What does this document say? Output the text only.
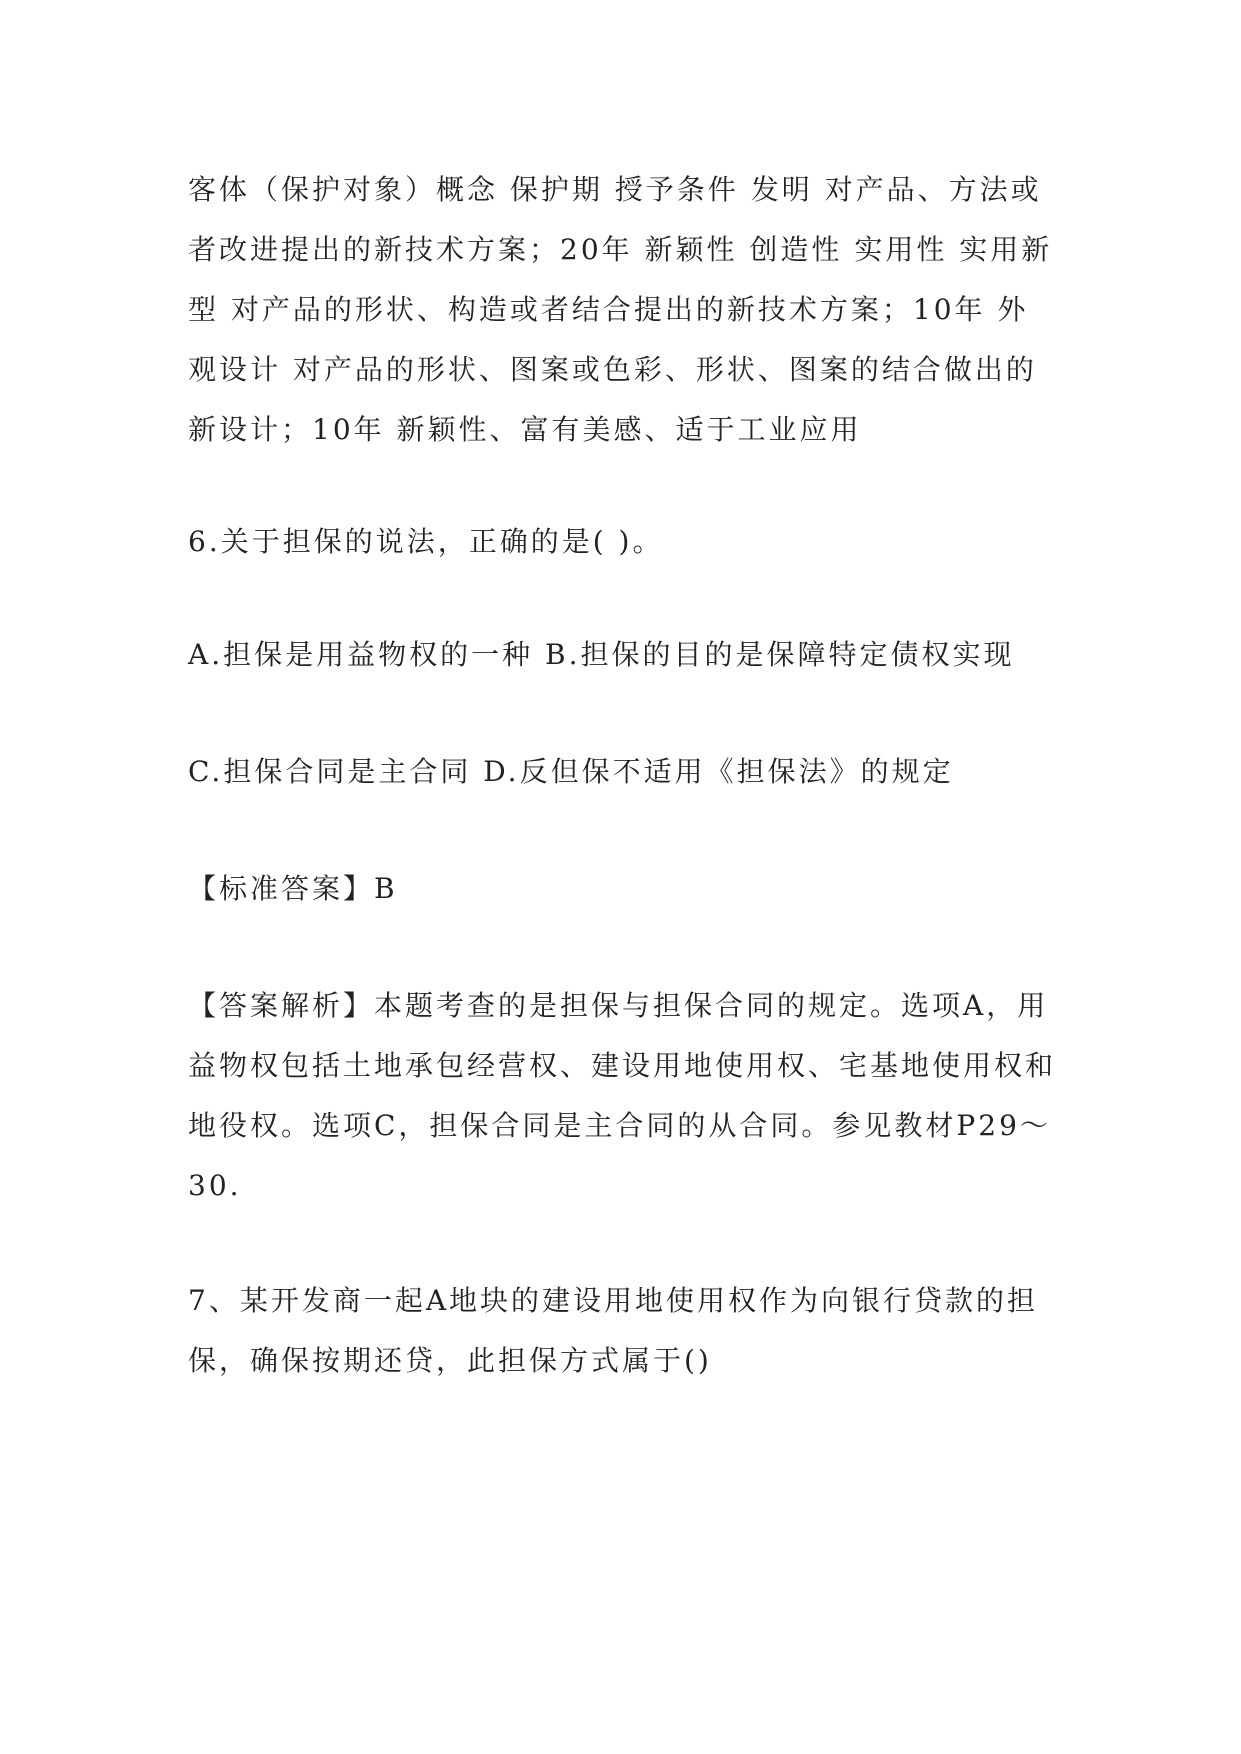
客体（保护对象）概念 保护期 授予条件 发明 对产品、方法或者改进提出的新技术方案；20年 新颖性 创造性 实用性 实用新型 对产品的形状、构造或者结合提出的新技术方案；10年 外观设计 对产品的形状、图案或色彩、形状、图案的结合做出的新设计；10年 新颖性、富有美感、适于工业应用

6.关于担保的说法，正确的是( )。

A.担保是用益物权的一种 B.担保的目的是保障特定债权实现

C.担保合同是主合同 D.反但保不适用《担保法》的规定

【标准答案】B

【答案解析】本题考查的是担保与担保合同的规定。选项A，用益物权包括土地承包经营权、建设用地使用权、宅基地使用权和地役权。选项C，担保合同是主合同的从合同。参见教材P29～30.

7、某开发商一起A地块的建设用地使用权作为向银行贷款的担保，确保按期还贷，此担保方式属于()
